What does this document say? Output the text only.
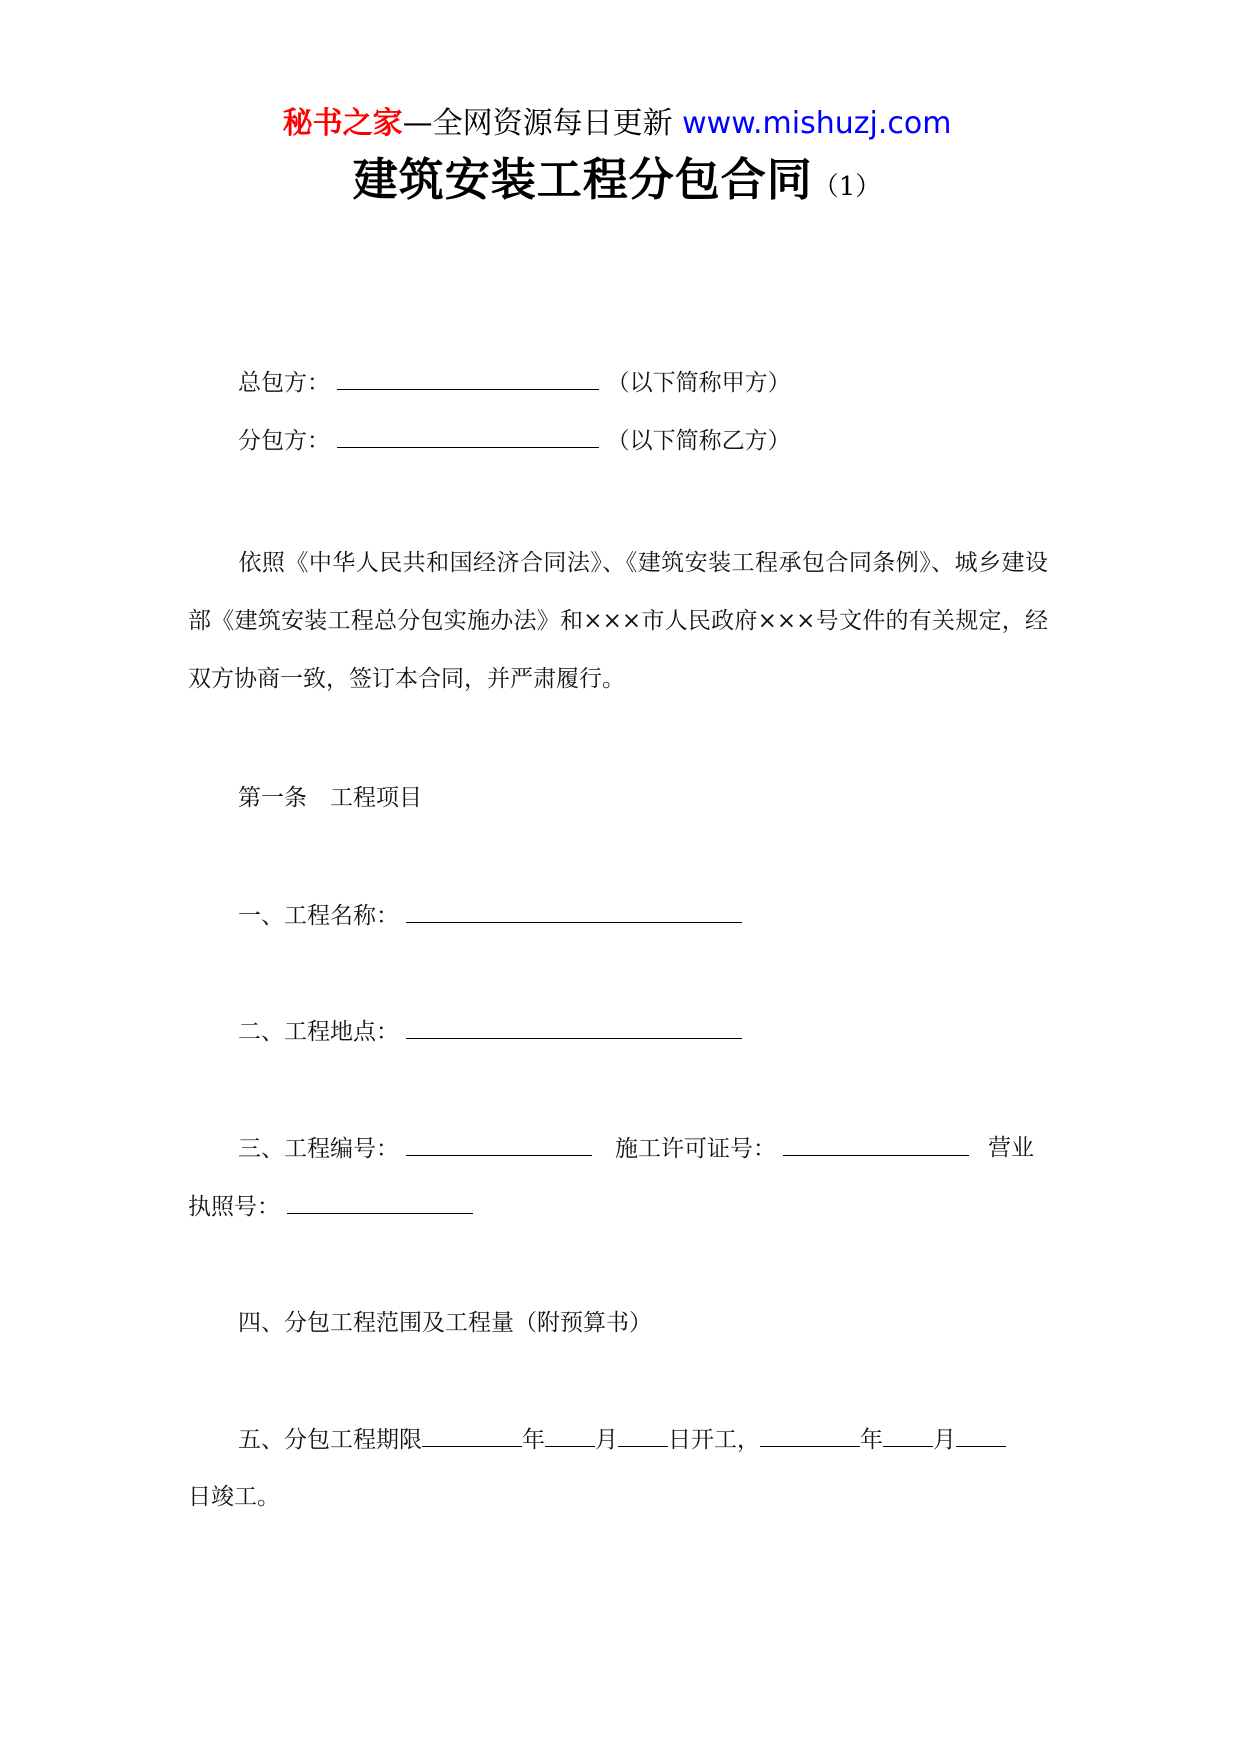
秘书之家—全网资源每日更新 www.mishuzj.com
建筑安装工程分包合同（1）
总包方：	（以下简称甲方）
分包方：	（以下简称乙方）
依照《中华人民共和国经济合同法》、《建筑安装工程承包合同条例》、城乡建设部《建筑安装工程总分包实施办法》和×××市人民政府×××号文件的有关规定，经双方协商一致，签订本合同，并严肃履行。
第一条　工程项目
一、工程名称：
二、工程地点：
三、工程编号：	施工许可证号：	营业
执照号：
四、分包工程范围及工程量（附预算书）
五、分包工程期限	年 月 日开工，	年 月
日竣工。
